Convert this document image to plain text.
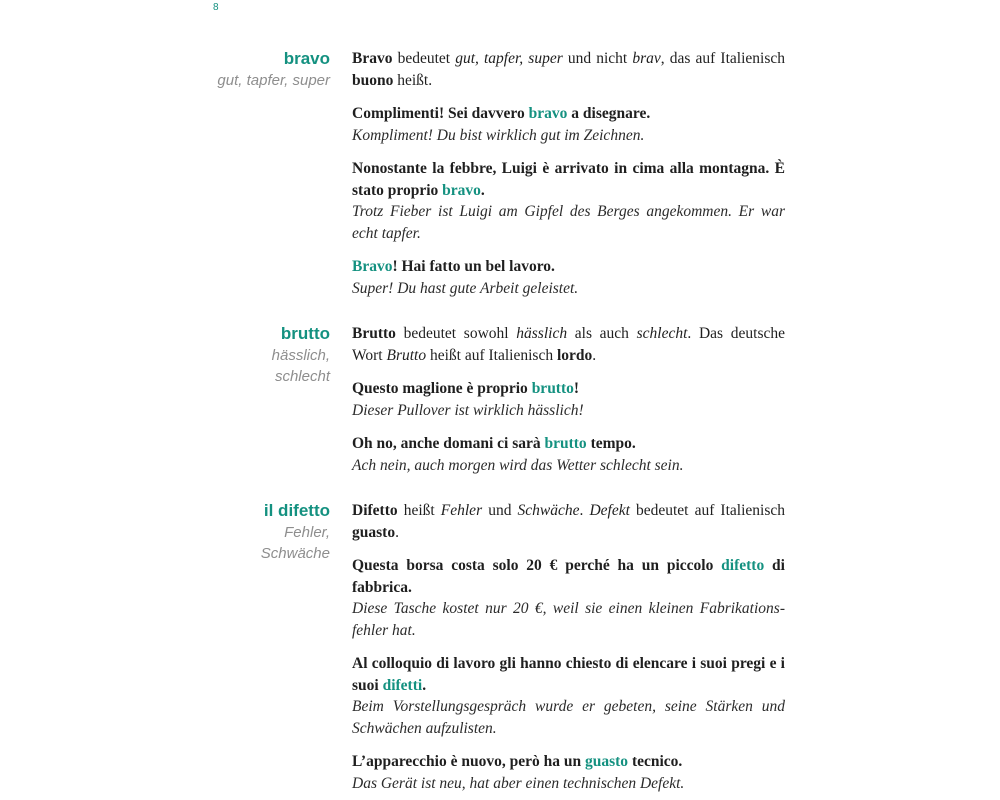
8
bravo
gut, tapfer, super

Bravo bedeutet gut, tapfer, super und nicht brav, das auf Italienisch buono heißt.

Complimenti! Sei davvero bravo a disegnare.

Kompliment! Du bist wirklich gut im Zeichnen.

Nonostante la febbre, Luigi è arrivato in cima alla montagna. È stato proprio bravo.

Trotz Fieber ist Luigi am Gipfel des Berges angekommen. Er war echt tapfer.

Bravo! Hai fatto un bel lavoro.

Super! Du hast gute Arbeit geleistet.

brutto
hässlich, schlecht

Brutto bedeutet sowohl hässlich als auch schlecht. Das deutsche Wort Brutto heißt auf Italienisch lordo.

Questo maglione è proprio brutto!

Dieser Pullover ist wirklich hässlich!

Oh no, anche domani ci sarà brutto tempo.

Ach nein, auch morgen wird das Wetter schlecht sein.

il difetto
Fehler, Schwäche

Difetto heißt Fehler und Schwäche. Defekt bedeutet auf Italienisch guasto.

Questa borsa costa solo 20 € perché ha un piccolo difetto di fabbrica.

Diese Tasche kostet nur 20 €, weil sie einen kleinen Fabrikationsfehler hat.

Al colloquio di lavoro gli hanno chiesto di elencare i suoi pregi e i suoi difetti.

Beim Vorstellungsgespräch wurde er gebeten, seine Stärken und Schwächen aufzulisten.

L’apparecchio è nuovo, però ha un guasto tecnico.

Das Gerät ist neu, hat aber einen technischen Defekt.
